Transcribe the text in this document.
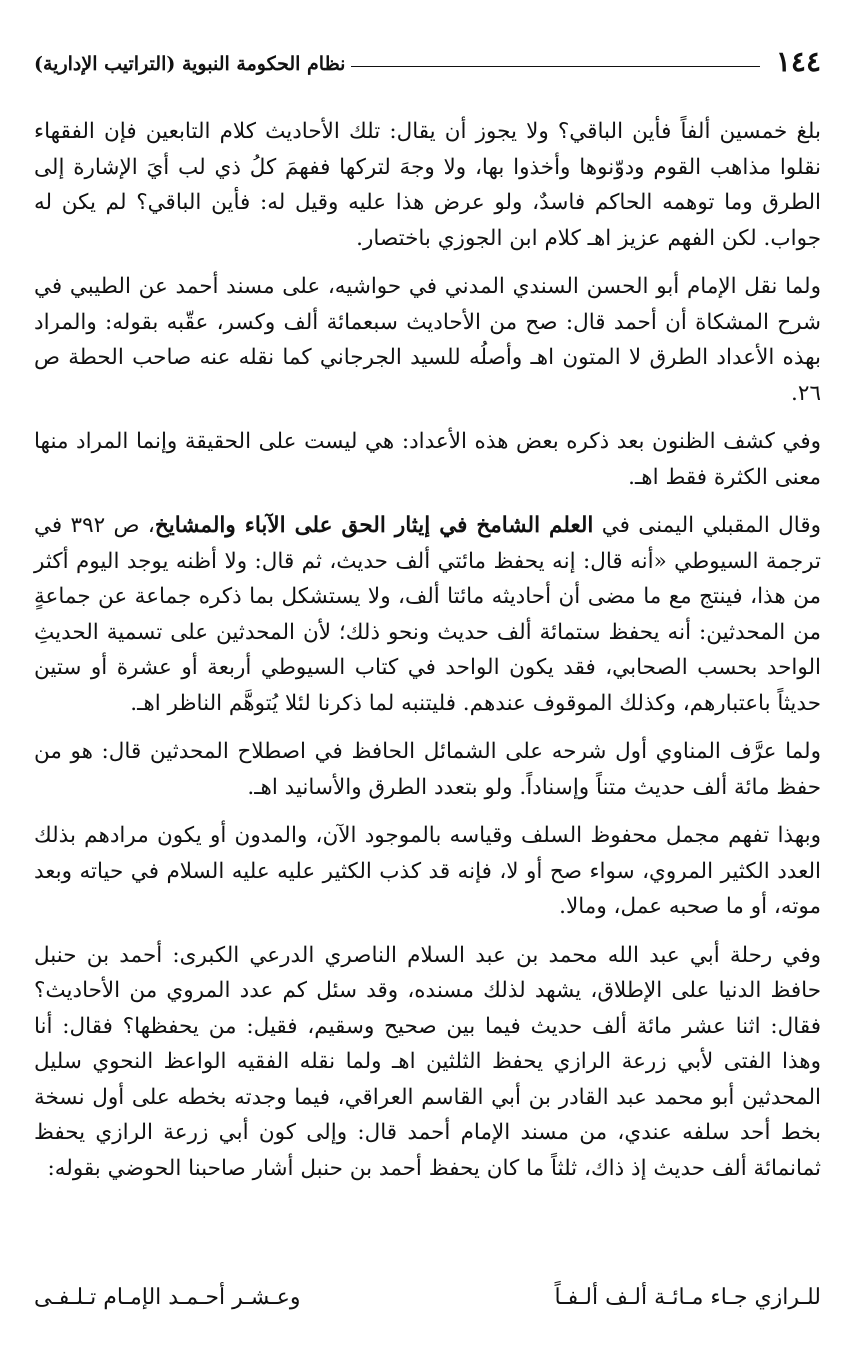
١٤٤
نظام الحكومة النبوية (التراتيب الإدارية)

بلغ خمسين ألفاً فأين الباقي؟ ولا يجوز أن يقال: تلك الأحاديث كلام التابعين فإن الفقهاء نقلوا مذاهب القوم ودوّنوها وأخذوا بها، ولا وجهَ لتركها ففهمَ كلُ ذي لب أيَ الإشارة إلى الطرق وما توهمه الحاكم فاسدٌ، ولو عرض هذا عليه وقيل له: فأين الباقي؟ لم يكن له جواب. لكن الفهم عزيز اهـ كلام ابن الجوزي باختصار.

ولما نقل الإمام أبو الحسن السندي المدني في حواشيه، على مسند أحمد عن الطيبي في شرح المشكاة أن أحمد قال: صح من الأحاديث سبعمائة ألف وكسر، عقّبه بقوله: والمراد بهذه الأعداد الطرق لا المتون اهـ وأصلُه للسيد الجرجاني كما نقله عنه صاحب الحطة ص ٢٦.

وفي كشف الظنون بعد ذكره بعض هذه الأعداد: هي ليست على الحقيقة وإنما المراد منها معنى الكثرة فقط اهـ.

وقال المقبلي اليمنى في العلم الشامخ في إيثار الحق على الآباء والمشايخ، ص ٣٩٢ في ترجمة السيوطي «أنه قال: إنه يحفظ مائتي ألف حديث، ثم قال: ولا أظنه يوجد اليوم أكثر من هذا، فينتج مع ما مضى أن أحاديثه مائتا ألف، ولا يستشكل بما ذكره جماعة عن جماعةٍ من المحدثين: أنه يحفظ ستمائة ألف حديث ونحو ذلك؛ لأن المحدثين على تسمية الحديثِ الواحد بحسب الصحابي، فقد يكون الواحد في كتاب السيوطي أربعة أو عشرة أو ستين حديثاً باعتبارهم، وكذلك الموقوف عندهم. فليتنبه لما ذكرنا لئلا يُتوهَّم الناظر اهـ.

ولما عرَّف المناوي أول شرحه على الشمائل الحافظ في اصطلاح المحدثين قال: هو من حفظ مائة ألف حديث متناً وإسناداً. ولو بتعدد الطرق والأسانيد اهـ.

وبهذا تفهم مجمل محفوظ السلف وقياسه بالموجود الآن، والمدون أو يكون مرادهم بذلك العدد الكثير المروي، سواء صح أو لا، فإنه قد كذب الكثير عليه عليه السلام في حياته وبعد موته، أو ما صحبه عمل، ومالا.

وفي رحلة أبي عبد الله محمد بن عبد السلام الناصري الدرعي الكبرى: أحمد بن حنبل حافظ الدنيا على الإطلاق، يشهد لذلك مسنده، وقد سئل كم عدد المروي من الأحاديث؟ فقال: اثنا عشر مائة ألف حديث فيما بين صحيح وسقيم، فقيل: من يحفظها؟ فقال: أنا وهذا الفتى لأبي زرعة الرازي يحفظ الثلثين اهـ ولما نقله الفقيه الواعظ النحوي سليل المحدثين أبو محمد عبد القادر بن أبي القاسم العراقي، فيما وجدته بخطه على أول نسخة بخط أحد سلفه عندي، من مسند الإمام أحمد قال: وإلى كون أبي زرعة الرازي يحفظ ثمانمائة ألف حديث إذ ذاك، ثلثاً ما كان يحفظ أحمد بن حنبل أشار صاحبنا الحوضي بقوله:

للـرازي جـاء مـائـة ألـف ألـفـاً
وعـشـر أحـمـد الإمـام تـلـفـى
